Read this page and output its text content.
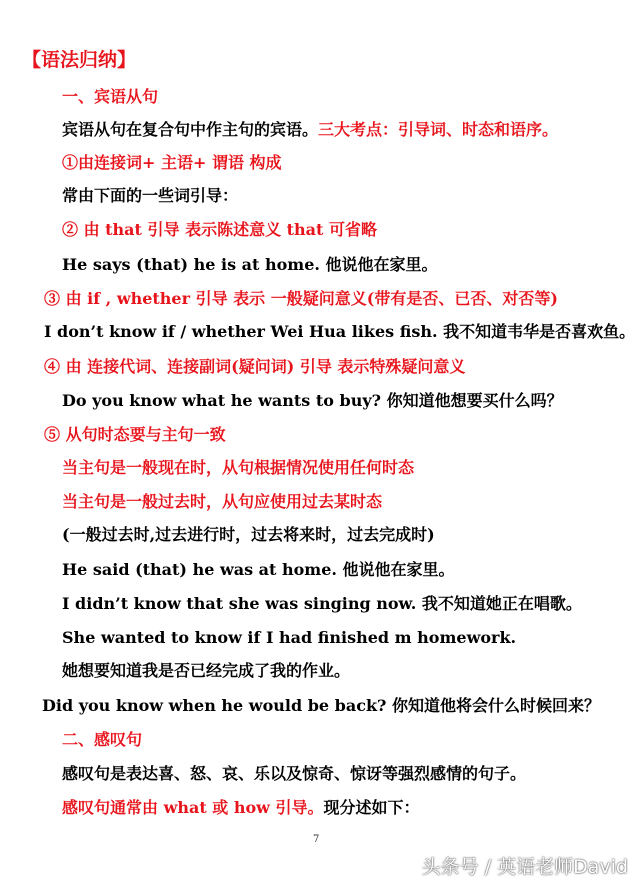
【语法归纳】
一、宾语从句
宾语从句在复合句中作主句的宾语。三大考点：引导词、时态和语序。
①由连接词+ 主语+ 谓语 构成
常由下面的一些词引导：
② 由 that 引导 表示陈述意义 that 可省略
He says (that) he is at home. 他说他在家里。
③ 由 if , whether 引导 表示 一般疑问意义(带有是否、已否、对否等)
I don’t know if / whether Wei Hua likes fish. 我不知道韦华是否喜欢鱼。
④ 由 连接代词、连接副词(疑问词) 引导 表示特殊疑问意义
Do you know what he wants to buy? 你知道他想要买什么吗？
⑤ 从句时态要与主句一致
当主句是一般现在时，从句根据情况使用任何时态
当主句是一般过去时，从句应使用过去某时态
(一般过去时,过去进行时，过去将来时，过去完成时)
He said (that) he was at home. 他说他在家里。
I didn’t know that she was singing now. 我不知道她正在唱歌。
She wanted to know if I had finished m homework.
她想要知道我是否已经完成了我的作业。
Did you know when he would be back? 你知道他将会什么时候回来？
二、感叹句
感叹句是表达喜、怒、哀、乐以及惊奇、惊讶等强烈感情的句子。
感叹句通常由 what 或 how 引导。现分述如下：
7
头条号 / 英语老师David
